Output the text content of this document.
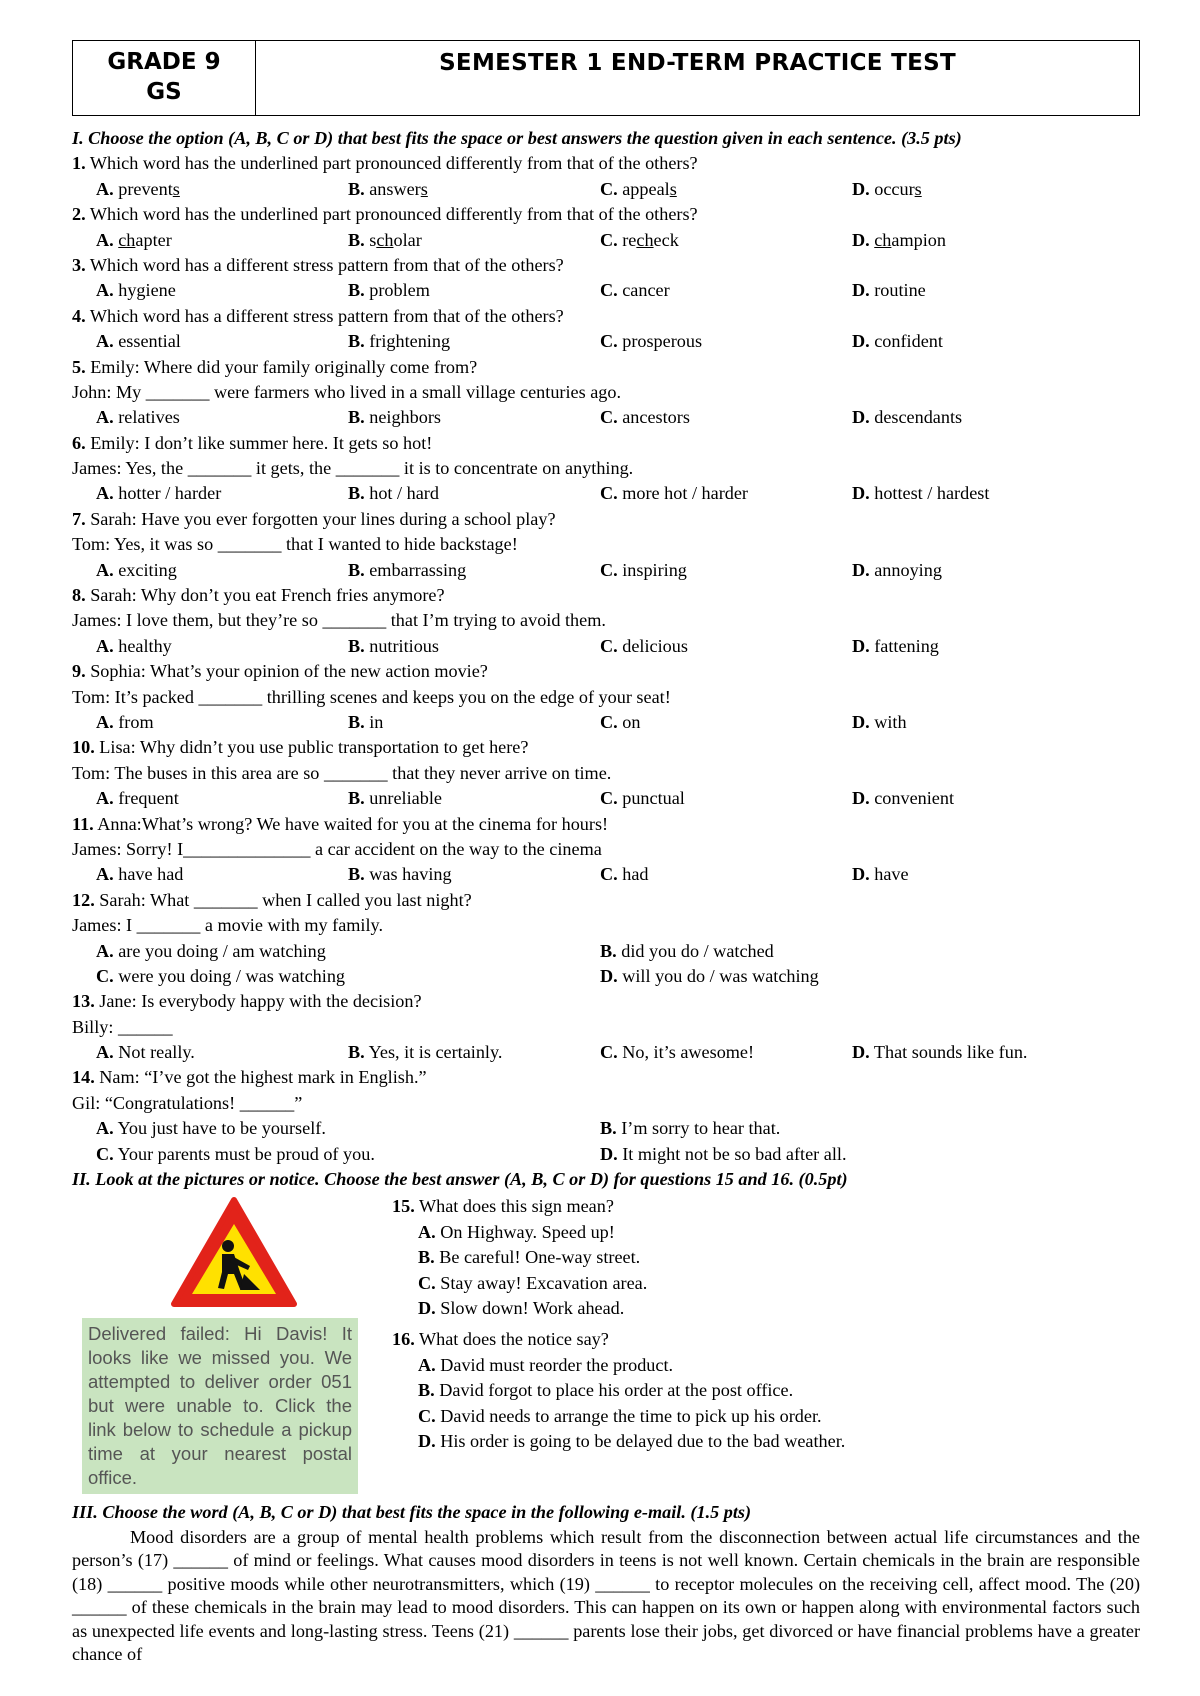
GRADE 9
GS
SEMESTER 1 END-TERM PRACTICE TEST
I. Choose the option (A, B, C or D) that best fits the space or best answers the question given in each sentence. (3.5 pts)
1. Which word has the underlined part pronounced differently from that of the others?
A. prevents	B. answers	C. appeals	D. occurs
2. Which word has the underlined part pronounced differently from that of the others?
A. chapter	B. scholar	C. recheck	D. champion
3. Which word has a different stress pattern from that of the others?
A. hygiene	B. problem	C. cancer	D. routine
4. Which word has a different stress pattern from that of the others?
A. essential	B. frightening	C. prosperous	D. confident
5. Emily: Where did your family originally come from?
John: My _______ were farmers who lived in a small village centuries ago.
A. relatives	B. neighbors	C. ancestors	D. descendants
6. Emily: I don’t like summer here. It gets so hot!
James: Yes, the _______ it gets, the _______ it is to concentrate on anything.
A. hotter / harder	B. hot / hard	C. more hot / harder	D. hottest / hardest
7. Sarah: Have you ever forgotten your lines during a school play?
Tom: Yes, it was so _______ that I wanted to hide backstage!
A. exciting	B. embarrassing	C. inspiring	D. annoying
8. Sarah: Why don’t you eat French fries anymore?
James: I love them, but they’re so _______ that I’m trying to avoid them.
A. healthy	B. nutritious	C. delicious	D. fattening
9. Sophia: What’s your opinion of the new action movie?
Tom: It’s packed _______ thrilling scenes and keeps you on the edge of your seat!
A. from	B. in	C. on	D. with
10. Lisa: Why didn’t you use public transportation to get here?
Tom: The buses in this area are so _______ that they never arrive on time.
A. frequent	B. unreliable	C. punctual	D. convenient
11. Anna:What’s wrong? We have waited for you at the cinema for hours!
James: Sorry! I______________ a car accident on the way to the cinema
A. have had	B. was having	C. had	D. have
12. Sarah: What _______ when I called you last night?
James: I _______ a movie with my family.
A. are you doing / am watching	B. did you do / watched
C. were you doing / was watching	D. will you do / was watching
13. Jane: Is everybody happy with the decision?
Billy: ______
A. Not really.	B. Yes, it is certainly.	C. No, it’s awesome!	D. That sounds like fun.
14. Nam: “I’ve got the highest mark in English.”
Gil: “Congratulations! ______”
A. You just have to be yourself.	B. I’m sorry to hear that.
C. Your parents must be proud of you.	D. It might not be so bad after all.
II. Look at the pictures or notice. Choose the best answer (A, B, C or D) for questions 15 and 16. (0.5pt)
Delivered failed: Hi Davis! It looks like we missed you. We attempted to deliver order 051 but were unable to. Click the link below to schedule a pickup time at your nearest postal office.
15. What does this sign mean?
A. On Highway. Speed up!
B. Be careful! One-way street.
C. Stay away! Excavation area.
D. Slow down! Work ahead.
16. What does the notice say?
A. David must reorder the product.
B. David forgot to place his order at the post office.
C. David needs to arrange the time to pick up his order.
D. His order is going to be delayed due to the bad weather.
III. Choose the word (A, B, C or D) that best fits the space in the following e-mail. (1.5 pts)
Mood disorders are a group of mental health problems which result from the disconnection between actual life circumstances and the person’s (17) ______ of mind or feelings. What causes mood disorders in teens is not well known. Certain chemicals in the brain are responsible (18) ______ positive moods while other neurotransmitters, which (19) ______ to receptor molecules on the receiving cell, affect mood. The (20) ______ of these chemicals in the brain may lead to mood disorders. This can happen on its own or happen along with environmental factors such as unexpected life events and long-lasting stress. Teens (21) ______ parents lose their jobs, get divorced or have financial problems have a greater chance of
